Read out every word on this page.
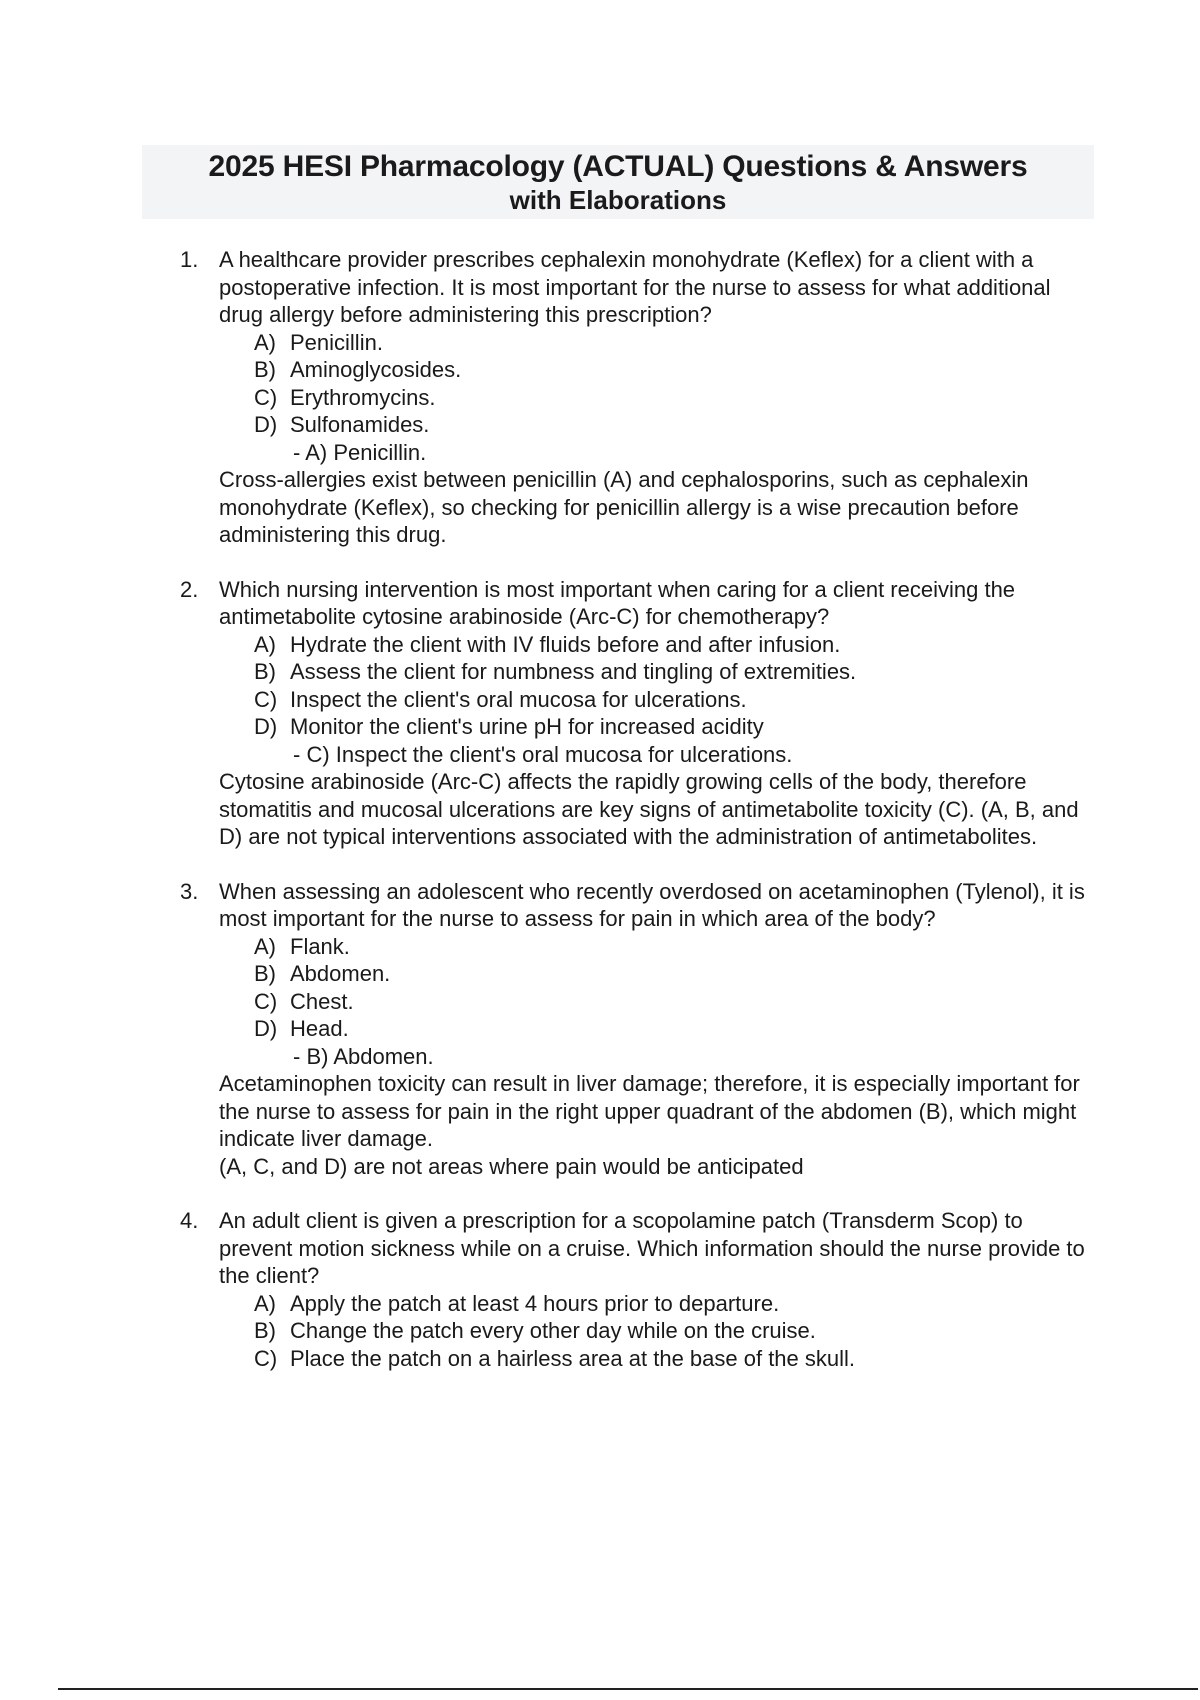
2025 HESI Pharmacology (ACTUAL) Questions & Answers
with Elaborations
1. A healthcare provider prescribes cephalexin monohydrate (Keflex) for a client with a postoperative infection. It is most important for the nurse to assess for what additional drug allergy before administering this prescription?

A) Penicillin.
B) Aminoglycosides.
C) Erythromycins.
D) Sulfonamides.
- A) Penicillin.

Cross-allergies exist between penicillin (A) and cephalosporins, such as cephalexin monohydrate (Keflex), so checking for penicillin allergy is a wise precaution before administering this drug.

2. Which nursing intervention is most important when caring for a client receiving the antimetabolite cytosine arabinoside (Arc-C) for chemotherapy?

A) Hydrate the client with IV fluids before and after infusion.
B) Assess the client for numbness and tingling of extremities.
C) Inspect the client's oral mucosa for ulcerations.
D) Monitor the client's urine pH for increased acidity
- C) Inspect the client's oral mucosa for ulcerations.

Cytosine arabinoside (Arc-C) affects the rapidly growing cells of the body, therefore stomatitis and mucosal ulcerations are key signs of antimetabolite toxicity (C). (A, B, and D) are not typical interventions associated with the administration of antimetabolites.

3. When assessing an adolescent who recently overdosed on acetaminophen (Tylenol), it is most important for the nurse to assess for pain in which area of the body?

A) Flank.
B) Abdomen.
C) Chest.
D) Head.
- B) Abdomen.

Acetaminophen toxicity can result in liver damage; therefore, it is especially important for the nurse to assess for pain in the right upper quadrant of the abdomen (B), which might indicate liver damage.

(A, C, and D) are not areas where pain would be anticipated

4. An adult client is given a prescription for a scopolamine patch (Transderm Scop) to prevent motion sickness while on a cruise. Which information should the nurse provide to the client?

A) Apply the patch at least 4 hours prior to departure.
B) Change the patch every other day while on the cruise.
C) Place the patch on a hairless area at the base of the skull.
